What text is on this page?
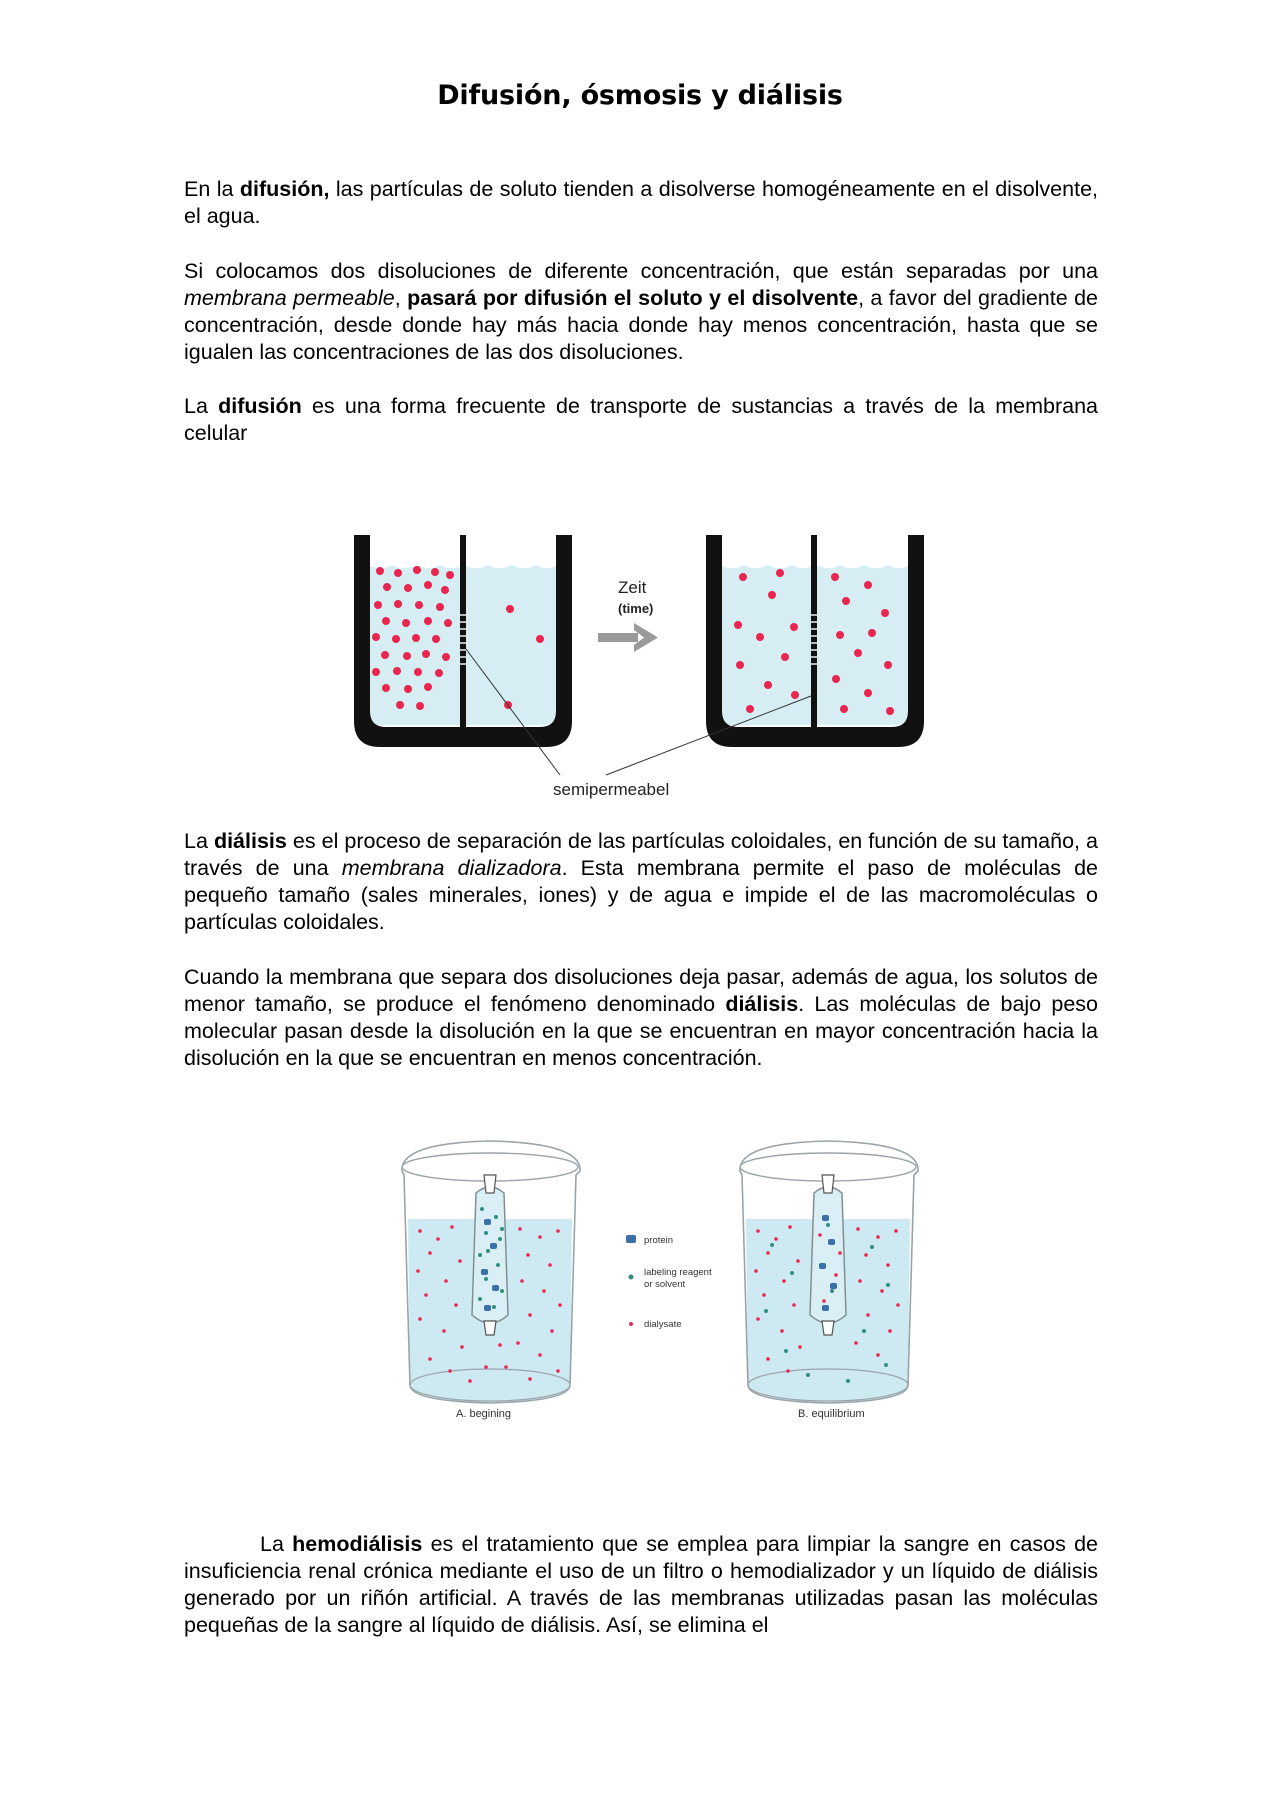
Difusión, ósmosis y diálisis

En la difusión, las partículas de soluto tienden a disolverse homogéneamente en el disolvente, el agua.

Si colocamos dos disoluciones de diferente concentración, que están separadas por una membrana permeable, pasará por difusión el soluto y el disolvente, a favor del gradiente de concentración, desde donde hay más hacia donde hay menos concentración, hasta que se igualen las concentraciones de las dos disoluciones.

La difusión es una forma frecuente de transporte de sustancias a través de la membrana celular

Zeit
(time)
semipermeabel

La diálisis es el proceso de separación de las partículas coloidales, en función de su tamaño, a través de una membrana dializadora. Esta membrana permite el paso de moléculas de pequeño tamaño (sales minerales, iones) y de agua e impide el de las macromoléculas o partículas coloidales.

Cuando la membrana que separa dos disoluciones deja pasar, además de agua, los solutos de menor tamaño, se produce el fenómeno denominado diálisis. Las moléculas de bajo peso molecular pasan desde la disolución en la que se encuentran en mayor concentración hacia la disolución en la que se encuentran en menos concentración.

protein
labeling reagent
or solvent
dialysate
A. begining	B. equilibrium

La hemodiálisis es el tratamiento que se emplea para limpiar la sangre en casos de insuficiencia renal crónica mediante el uso de un filtro o hemodializador y un líquido de diálisis generado por un riñón artificial. A través de las membranas utilizadas pasan las moléculas pequeñas de la sangre al líquido de diálisis. Así, se elimina el
